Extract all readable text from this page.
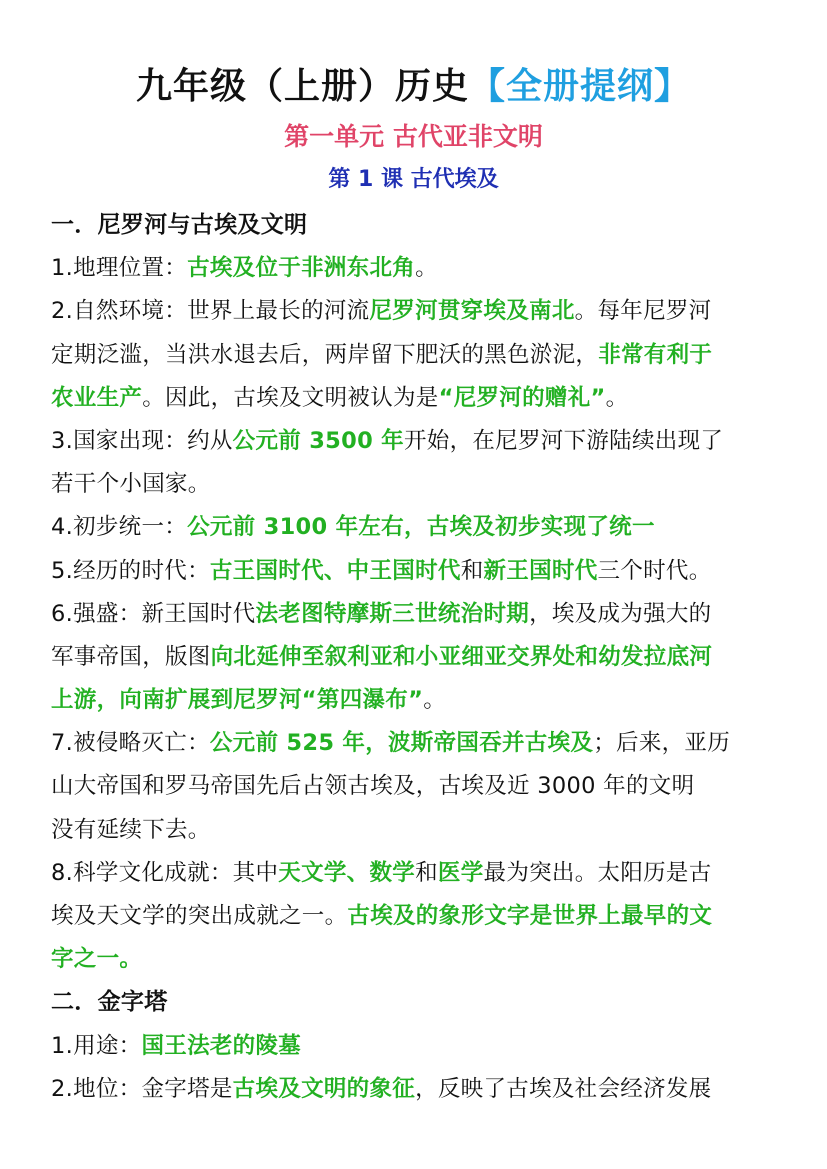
九年级（上册）历史【全册提纲】
第一单元 古代亚非文明
第 1 课 古代埃及
一．尼罗河与古埃及文明
1.地理位置：古埃及位于非洲东北角。
2.自然环境：世界上最长的河流尼罗河贯穿埃及南北。每年尼罗河
定期泛滥，当洪水退去后，两岸留下肥沃的黑色淤泥，非常有利于
农业生产。因此，古埃及文明被认为是“尼罗河的赠礼”。
3.国家出现：约从公元前 3500 年开始，在尼罗河下游陆续出现了
若干个小国家。
4.初步统一：公元前 3100 年左右，古埃及初步实现了统一
5.经历的时代：古王国时代、中王国时代和新王国时代三个时代。
6.强盛：新王国时代法老图特摩斯三世统治时期，埃及成为强大的
军事帝国，版图向北延伸至叙利亚和小亚细亚交界处和幼发拉底河
上游，向南扩展到尼罗河“第四瀑布”。
7.被侵略灭亡：公元前 525 年，波斯帝国吞并古埃及；后来，亚历
山大帝国和罗马帝国先后占领古埃及，古埃及近 3000 年的文明
没有延续下去。
8.科学文化成就：其中天文学、数学和医学最为突出。太阳历是古
埃及天文学的突出成就之一。古埃及的象形文字是世界上最早的文
字之一。
二．金字塔
1.用途：国王法老的陵墓
2.地位：金字塔是古埃及文明的象征，反映了古埃及社会经济发展
